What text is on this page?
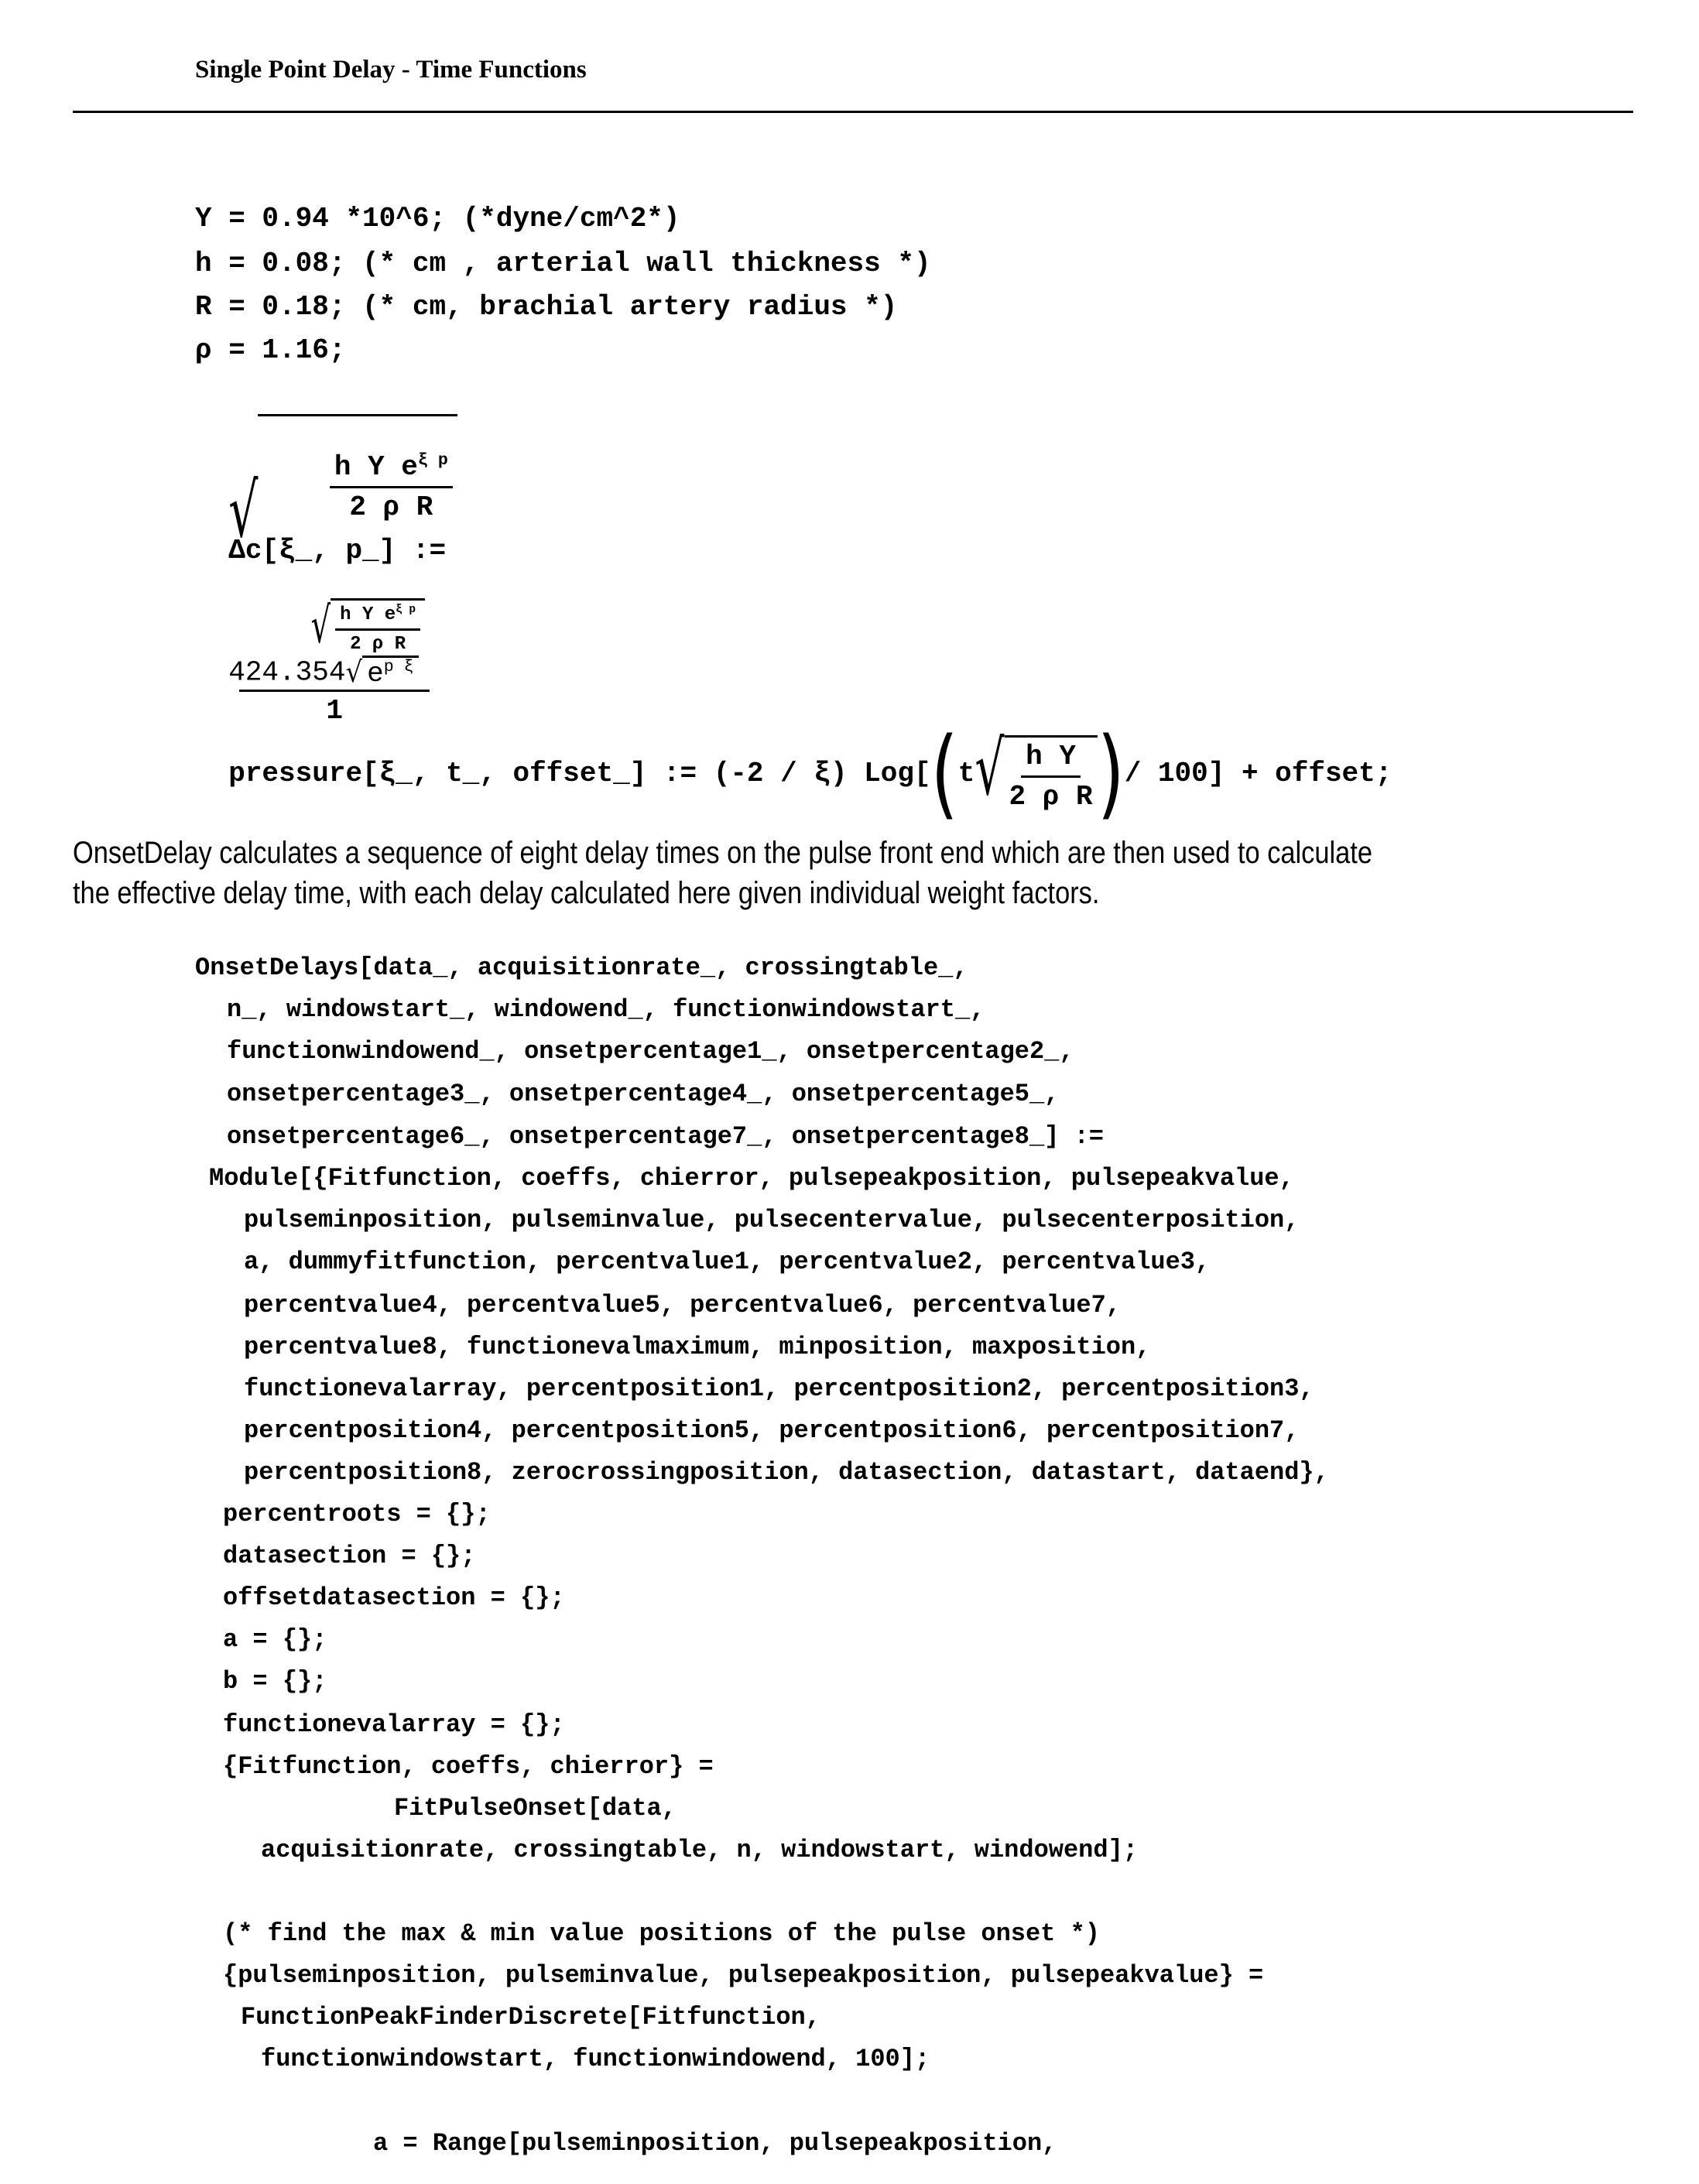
Single Point Delay - Time Functions
Y = 0.94 *10^6; (*dyne/cm^2*)
h = 0.08; (* cm , arterial wall thickness *)
R = 0.18; (* cm, brachial artery radius *)
ρ = 1.16;

√

h Y eξ p
2 ρ R

Δc[ξ_, p_] :=

√ h Y eξ p
2 ρ R

1

424.354 √ ep ξ

pressure[ξ_, t_, offset_] := (-2 / ξ) Log[(t √ h Y
2 ρ R )/ 100] + offset;

OnsetDelay calculates a sequence of eight delay times on the pulse front end which are then used to calculate
the effective delay time, with each delay calculated here given individual weight factors.
OnsetDelays[data_, acquisitionrate_, crossingtable_,
n_, windowstart_, windowend_, functionwindowstart_,
functionwindowend_, onsetpercentage1_, onsetpercentage2_,
onsetpercentage3_, onsetpercentage4_, onsetpercentage5_,
onsetpercentage6_, onsetpercentage7_, onsetpercentage8_] :=
Module[{Fitfunction, coeffs, chierror, pulsepeakposition, pulsepeakvalue,
pulseminposition, pulseminvalue, pulsecentervalue, pulsecenterposition,
a, dummyfitfunction, percentvalue1, percentvalue2, percentvalue3,
percentvalue4, percentvalue5, percentvalue6, percentvalue7,
percentvalue8, functionevalmaximum, minposition, maxposition,
functionevalarray, percentposition1, percentposition2, percentposition3,
percentposition4, percentposition5, percentposition6, percentposition7,
percentposition8, zerocrossingposition, datasection, datastart, dataend},
percentroots = {};
datasection = {};
offsetdatasection = {};
a = {};
b = {};
functionevalarray = {};
{Fitfunction, coeffs, chierror} =
FitPulseOnset[data,
acquisitionrate, crossingtable, n, windowstart, windowend];
(* find the max & min value positions of the pulse onset *)
{pulseminposition, pulseminvalue, pulsepeakposition, pulsepeakvalue} =
FunctionPeakFinderDiscrete[Fitfunction,
functionwindowstart, functionwindowend, 100];
a = Range[pulseminposition, pulsepeakposition,
